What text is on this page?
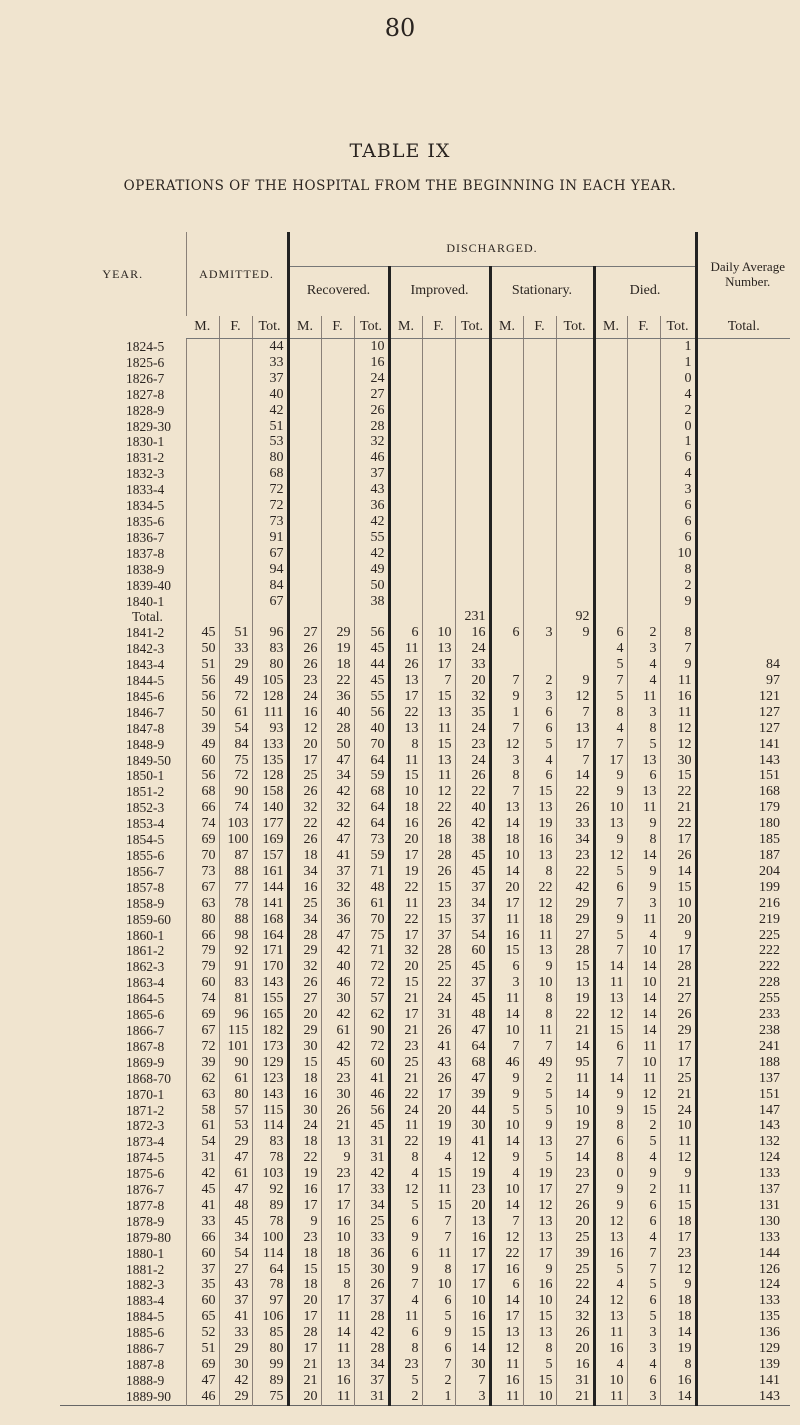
80
TABLE IX
OPERATIONS OF THE HOSPITAL FROM THE BEGINNING IN EACH YEAR.
YEAR.	ADMITTED.			DISCHARGED.												Daily Average Number.
				Recovered.			Improved.			Stationary.			Died.			
	M.	F.	Tot.	M.	F.	Tot.	M.	F.	Tot.	M.	F.	Tot.	M.	F.	Tot.	Total.
1824-5			44			10									1	
1825-6			33			16									1	
1826-7			37			24									0	
1827-8			40			27									4	
1828-9			42			26									2	
1829-30			51			28									0	
1830-1			53			32									1	
1831-2			80			46									6	
1832-3			68			37									4	
1833-4			72			43									3	
1834-5			72			36									6	
1835-6			73			42									6	
1836-7			91			55									6	
1837-8			67			42									10	
1838-9			94			49									8	
1839-40			84			50									2	
1840-1			67			38									9	
Total.									231			92				
1841-2	45	51	96	27	29	56	6	10	16	6	3	9	6	2	8	
1842-3	50	33	83	26	19	45	11	13	24				4	3	7	
1843-4	51	29	80	26	18	44	26	17	33				5	4	9	84
1844-5	56	49	105	23	22	45	13	7	20	7	2	9	7	4	11	97
1845-6	56	72	128	24	36	55	17	15	32	9	3	12	5	11	16	121
1846-7	50	61	111	16	40	56	22	13	35	1	6	7	8	3	11	127
1847-8	39	54	93	12	28	40	13	11	24	7	6	13	4	8	12	127
1848-9	49	84	133	20	50	70	8	15	23	12	5	17	7	5	12	141
1849-50	60	75	135	17	47	64	11	13	24	3	4	7	17	13	30	143
1850-1	56	72	128	25	34	59	15	11	26	8	6	14	9	6	15	151
1851-2	68	90	158	26	42	68	10	12	22	7	15	22	9	13	22	168
1852-3	66	74	140	32	32	64	18	22	40	13	13	26	10	11	21	179
1853-4	74	103	177	22	42	64	16	26	42	14	19	33	13	9	22	180
1854-5	69	100	169	26	47	73	20	18	38	18	16	34	9	8	17	185
1855-6	70	87	157	18	41	59	17	28	45	10	13	23	12	14	26	187
1856-7	73	88	161	34	37	71	19	26	45	14	8	22	5	9	14	204
1857-8	67	77	144	16	32	48	22	15	37	20	22	42	6	9	15	199
1858-9	63	78	141	25	36	61	11	23	34	17	12	29	7	3	10	216
1859-60	80	88	168	34	36	70	22	15	37	11	18	29	9	11	20	219
1860-1	66	98	164	28	47	75	17	37	54	16	11	27	5	4	9	225
1861-2	79	92	171	29	42	71	32	28	60	15	13	28	7	10	17	222
1862-3	79	91	170	32	40	72	20	25	45	6	9	15	14	14	28	222
1863-4	60	83	143	26	46	72	15	22	37	3	10	13	11	10	21	228
1864-5	74	81	155	27	30	57	21	24	45	11	8	19	13	14	27	255
1865-6	69	96	165	20	42	62	17	31	48	14	8	22	12	14	26	233
1866-7	67	115	182	29	61	90	21	26	47	10	11	21	15	14	29	238
1867-8	72	101	173	30	42	72	23	41	64	7	7	14	6	11	17	241
1869-9	39	90	129	15	45	60	25	43	68	46	49	95	7	10	17	188
1868-70	62	61	123	18	23	41	21	26	47	9	2	11	14	11	25	137
1870-1	63	80	143	16	30	46	22	17	39	9	5	14	9	12	21	151
1871-2	58	57	115	30	26	56	24	20	44	5	5	10	9	15	24	147
1872-3	61	53	114	24	21	45	11	19	30	10	9	19	8	2	10	143
1873-4	54	29	83	18	13	31	22	19	41	14	13	27	6	5	11	132
1874-5	31	47	78	22	9	31	8	4	12	9	5	14	8	4	12	124
1875-6	42	61	103	19	23	42	4	15	19	4	19	23	0	9	9	133
1876-7	45	47	92	16	17	33	12	11	23	10	17	27	9	2	11	137
1877-8	41	48	89	17	17	34	5	15	20	14	12	26	9	6	15	131
1878-9	33	45	78	9	16	25	6	7	13	7	13	20	12	6	18	130
1879-80	66	34	100	23	10	33	9	7	16	12	13	25	13	4	17	133
1880-1	60	54	114	18	18	36	6	11	17	22	17	39	16	7	23	144
1881-2	37	27	64	15	15	30	9	8	17	16	9	25	5	7	12	126
1882-3	35	43	78	18	8	26	7	10	17	6	16	22	4	5	9	124
1883-4	60	37	97	20	17	37	4	6	10	14	10	24	12	6	18	133
1884-5	65	41	106	17	11	28	11	5	16	17	15	32	13	5	18	135
1885-6	52	33	85	28	14	42	6	9	15	13	13	26	11	3	14	136
1886-7	51	29	80	17	11	28	8	6	14	12	8	20	16	3	19	129
1887-8	69	30	99	21	13	34	23	7	30	11	5	16	4	4	8	139
1888-9	47	42	89	21	16	37	5	2	7	16	15	31	10	6	16	141
1889-90	46	29	75	20	11	31	2	1	3	11	10	21	11	3	14	143
